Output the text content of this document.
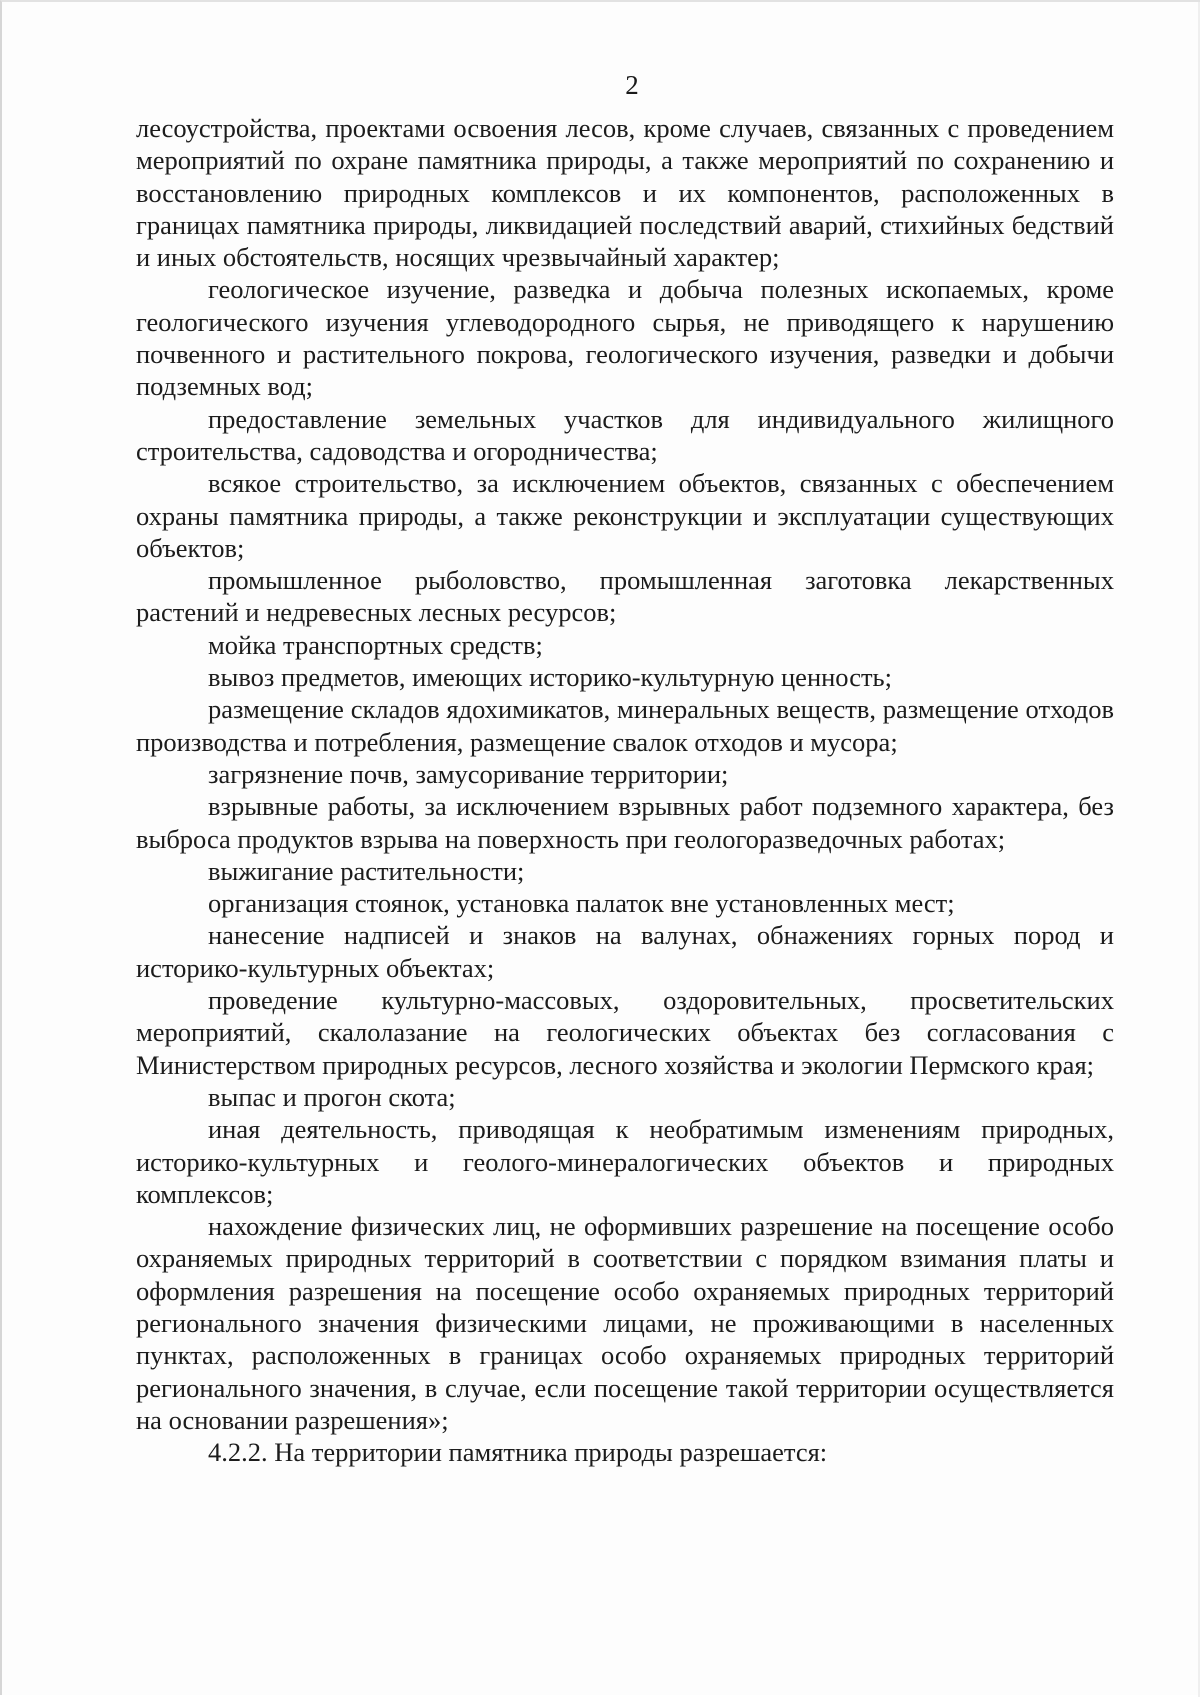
2

лесоустройства, проектами освоения лесов, кроме случаев, связанных с проведением мероприятий по охране памятника природы, а также мероприятий по сохранению и восстановлению природных комплексов и их компонентов, расположенных в границах памятника природы, ликвидацией последствий аварий, стихийных бедствий и иных обстоятельств, носящих чрезвычайный характер;

геологическое изучение, разведка и добыча полезных ископаемых, кроме геологического изучения углеводородного сырья, не приводящего к нарушению почвенного и растительного покрова, геологического изучения, разведки и добычи подземных вод;

предоставление земельных участков для индивидуального жилищного строительства, садоводства и огородничества;

всякое строительство, за исключением объектов, связанных с обеспечением охраны памятника природы, а также реконструкции и эксплуатации существующих объектов;

промышленное рыболовство, промышленная заготовка лекарственных растений и недревесных лесных ресурсов;

мойка транспортных средств;

вывоз предметов, имеющих историко-культурную ценность;

размещение складов ядохимикатов, минеральных веществ, размещение отходов производства и потребления, размещение свалок отходов и мусора;

загрязнение почв, замусоривание территории;

взрывные работы, за исключением взрывных работ подземного характера, без выброса продуктов взрыва на поверхность при геологоразведочных работах;

выжигание растительности;

организация стоянок, установка палаток вне установленных мест;

нанесение надписей и знаков на валунах, обнажениях горных пород и историко-культурных объектах;

проведение культурно-массовых, оздоровительных, просветительских мероприятий, скалолазание на геологических объектах без согласования с Министерством природных ресурсов, лесного хозяйства и экологии Пермского края;

выпас и прогон скота;

иная деятельность, приводящая к необратимым изменениям природных, историко-культурных и геолого-минералогических объектов и природных комплексов;

нахождение физических лиц, не оформивших разрешение на посещение особо охраняемых природных территорий в соответствии с порядком взимания платы и оформления разрешения на посещение особо охраняемых природных территорий регионального значения физическими лицами, не проживающими в населенных пунктах, расположенных в границах особо охраняемых природных территорий регионального значения, в случае, если посещение такой территории осуществляется на основании разрешения»;

4.2.2. На территории памятника природы разрешается:
